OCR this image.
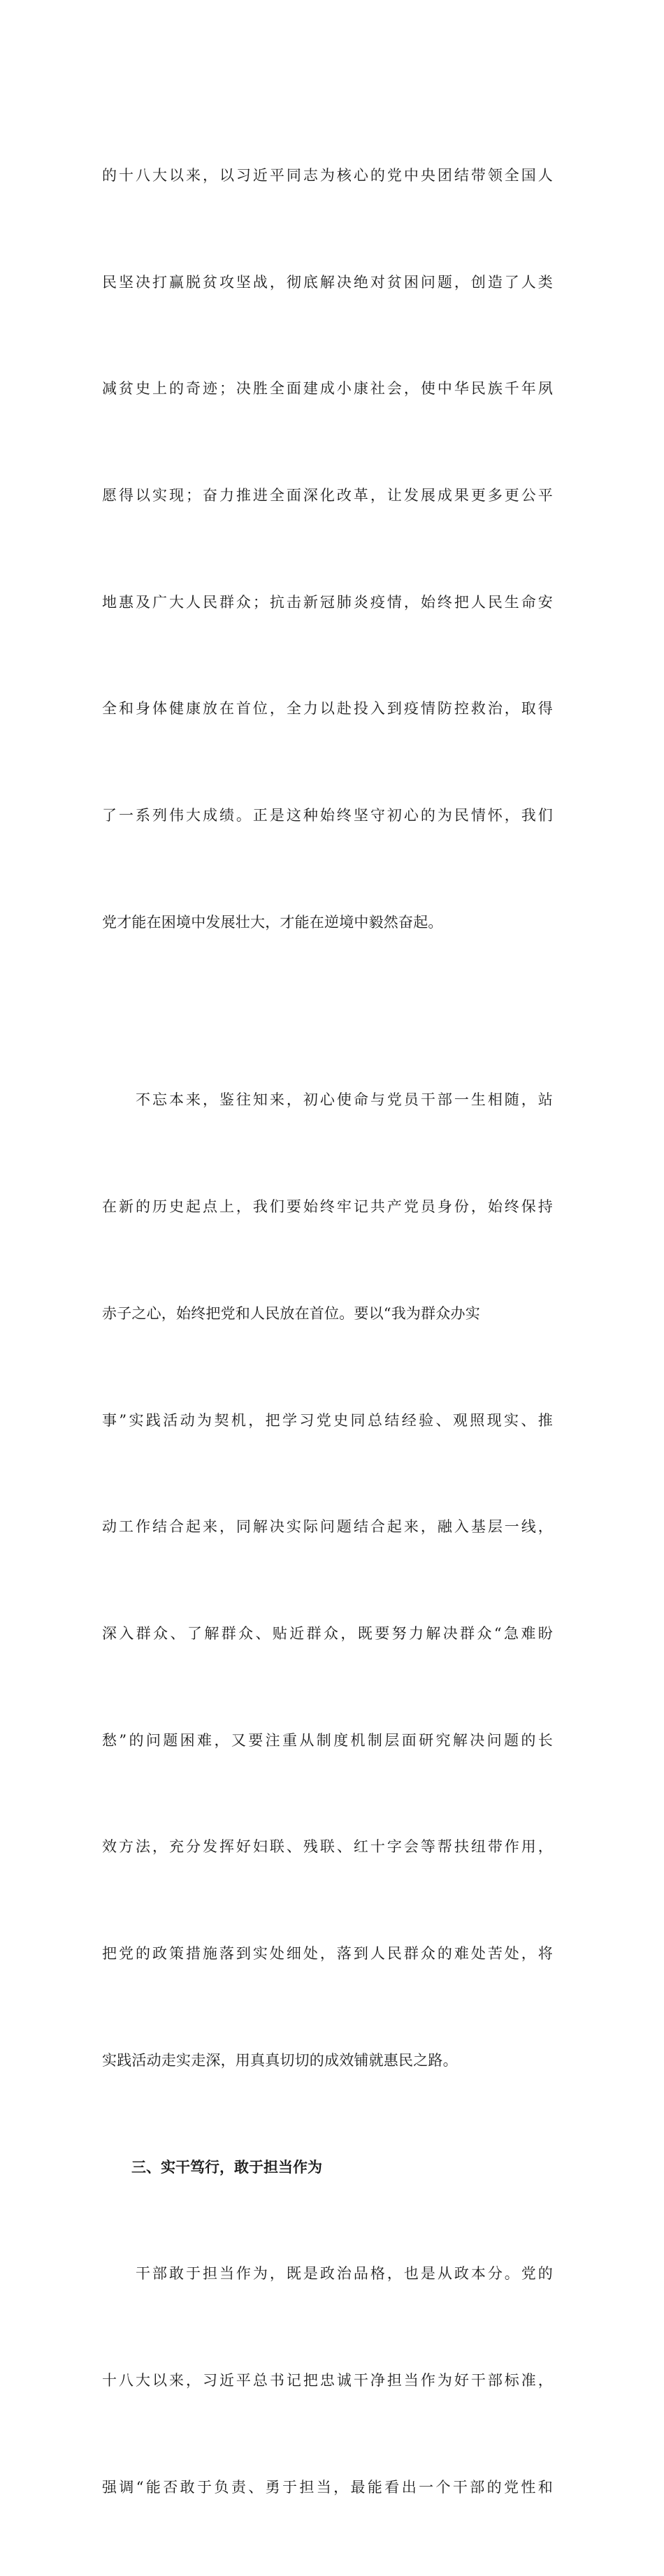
的十八大以来，以习近平同志为核心的党中央团结带领全国人

民坚决打赢脱贫攻坚战，彻底解决绝对贫困问题，创造了人类

减贫史上的奇迹；决胜全面建成小康社会，使中华民族千年夙

愿得以实现；奋力推进全面深化改革，让发展成果更多更公平

地惠及广大人民群众；抗击新冠肺炎疫情，始终把人民生命安

全和身体健康放在首位，全力以赴投入到疫情防控救治，取得

了一系列伟大成绩。正是这种始终坚守初心的为民情怀，我们

党才能在困境中发展壮大，才能在逆境中毅然奋起。

　　不忘本来，鉴往知来，初心使命与党员干部一生相随，站

在新的历史起点上，我们要始终牢记共产党员身份，始终保持

赤子之心，始终把党和人民放在首位。要以“我为群众办实

事”实践活动为契机，把学习党史同总结经验、观照现实、推

动工作结合起来，同解决实际问题结合起来，融入基层一线，

深入群众、了解群众、贴近群众，既要努力解决群众“急难盼

愁”的问题困难，又要注重从制度机制层面研究解决问题的长

效方法，充分发挥好妇联、残联、红十字会等帮扶纽带作用，

把党的政策措施落到实处细处，落到人民群众的难处苦处，将

实践活动走实走深，用真真切切的成效铺就惠民之路。

　　三、实干笃行，敢于担当作为

　　干部敢于担当作为，既是政治品格，也是从政本分。党的

十八大以来，习近平总书记把忠诚干净担当作为好干部标准，

强调“能否敢于负责、勇于担当，最能看出一个干部的党性和
